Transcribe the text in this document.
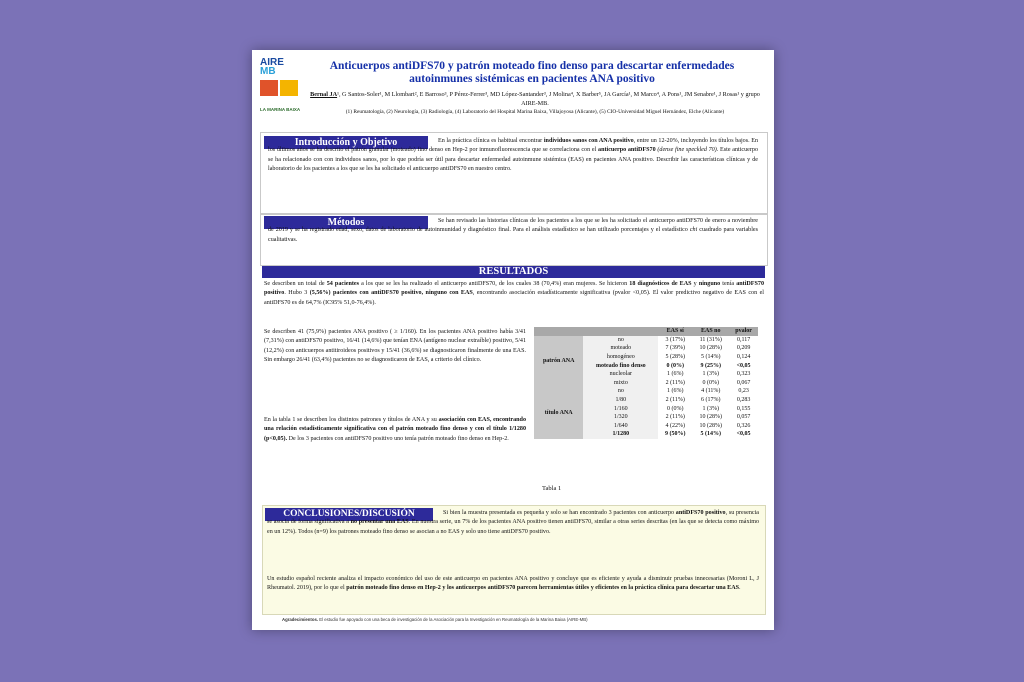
AIRE
MB
LA MARINA BAIXA
Anticuerpos antiDFS70 y patrón moteado fino denso para descartar enfermedades autoinmunes sistémicas en pacientes ANA positivo
Bernal JA¹, G Santos-Soler¹, M Llombart², E Barroso³, P Pérez-Ferrer³, MD López-Santander³, J Molina⁴, X Barber⁵, JA García¹, M Marco⁴, A Pons¹, JM Senabre¹, J Rosas¹ y grupo AIRE-MB.
(1) Reumatología, (2) Neurología, (3) Radiología, (4) Laboratorio del Hospital Marina Baixa, Villajoyosa (Alicante), (5) CIO-Universidad Miguel Hernández, Elche (Alicante)
Introducción y Objetivo	En la práctica clínica es habitual encontrar individuos sanos con ANA positivo, entre un 12-20%, incluyendo los títulos bajos. En los últimos años se ha descrito el patrón granular (moteado) fino denso en Hep-2 por inmunofluorescencia que se correlaciona con el anticuerpo antiDFS70 (dense fine speckled 70). Este anticuerpo se ha relacionado con con individuos sanos, por lo que podría ser útil para descartar enfermedad autoinmune sistémica (EAS) en pacientes ANA positivo. Describir las características clínicas y de laboratorio de los pacientes a los que se les ha solicitado el anticuerpo antiDFS70 en nuestro centro.
Métodos	Se han revisado las historias clínicas de los pacientes a los que se les ha solicitado el anticuerpo antiDFS70 de enero a noviembre de 2019 y se ha registrado edad, sexo, datos de laboratorio de autoinmunidad y diagnóstico final. Para el análisis estadístico se han utilizado porcentajes y el estadístico chi cuadrado para variables cualitativas.
RESULTADOS
Se describen un total de 54 pacientes a los que se les ha realizado el anticuerpo antiDFS70, de los cuales 38 (70,4%) eran mujeres. Se hicieron 18 diagnósticos de EAS y ninguno tenía antiDFS70 positivo. Hubo 3 (5,56%) pacientes con antiDFS70 positivo, ninguno con EAS, encontrando asociación estadísticamente significativa (pvalor <0,05). El valor predictivo negativo de EAS con el antiDFS70 es de 64,7% (IC95% 51,0-76,4%).
Se describen 41 (75,9%) pacientes ANA positivo ( ≥ 1/160). En los pacientes ANA positivo había 3/41 (7,31%) con antiDFS70 positivo, 16/41 (14,6%) que tenían ENA (antígeno nuclear extraíble) positivo, 5/41 (12,2%) con anticuerpos antitiroideos positivos y 15/41 (36,6%) se diagnosticaron finalmente de una EAS. Sin embargo 26/41 (63,4%) pacientes no se diagnosticaron de EAS, a criterio del clínico.
En la tabla 1 se describen los distintos patrones y títulos de ANA y su asociación con EAS, encontrando una relación estadísticamente significativa con el patrón moteado fino denso y con el título 1/1280 (p<0,05). De los 3 pacientes con antiDFS70 positivo uno tenía patrón moteado fino denso en Hep-2.
		EAS sí	EAS no	pvalor
patrón ANA	no	3 (17%)	11 (31%)	0,117
	moteado	7 (39%)	10 (28%)	0,209
	homogéneo	5 (28%)	5 (14%)	0,124
	moteado fino denso	0 (0%)	9 (25%)	<0,05
	nucleolar	1 (6%)	1 (3%)	0,323
	mixto	2 (11%)	0 (0%)	0,067
título ANA	no	1 (6%)	4 (11%)	0,23
	1/80	2 (11%)	6 (17%)	0,283
	1/160	0 (0%)	1 (3%)	0,155
	1/320	2 (11%)	10 (28%)	0,057
	1/640	4 (22%)	10 (28%)	0,326
	1/1280	9 (50%)	5 (14%)	<0,05
Tabla 1
CONCLUSIONES/DISCUSIÓN	Si bien la muestra presentada es pequeña y solo se han encontrado 3 pacientes con anticuerpo antiDFS70 positivo, su presencia se asocia de forma significativa a no presentar una EAS. En nuestra serie, un 7% de los pacientes ANA positivo tienen antiDFS70, similar a otras series descritas (en las que se detecta como máximo en un 12%). Todos (n=9) los patrones moteado fino denso se asocian a no EAS y solo uno tiene antiDFS70 positivo.
Un estudio español reciente analiza el impacto económico del uso de este anticuerpo en pacientes ANA positivo y concluye que es eficiente y ayuda a disminuir pruebas innecesarias (Moroni L, J Rheumatol. 2019), por lo que el patrón moteado fino denso en Hep-2 y los anticuerpos antiDFS70 parecen herramientas útiles y eficientes en la práctica clínica para descartar una EAS.
Agradecimientos. El estudio fue apoyado con una beca de investigación de la Asociación para la Investigación en Reumatología de la Marina Baixa (AIRE-MB)
